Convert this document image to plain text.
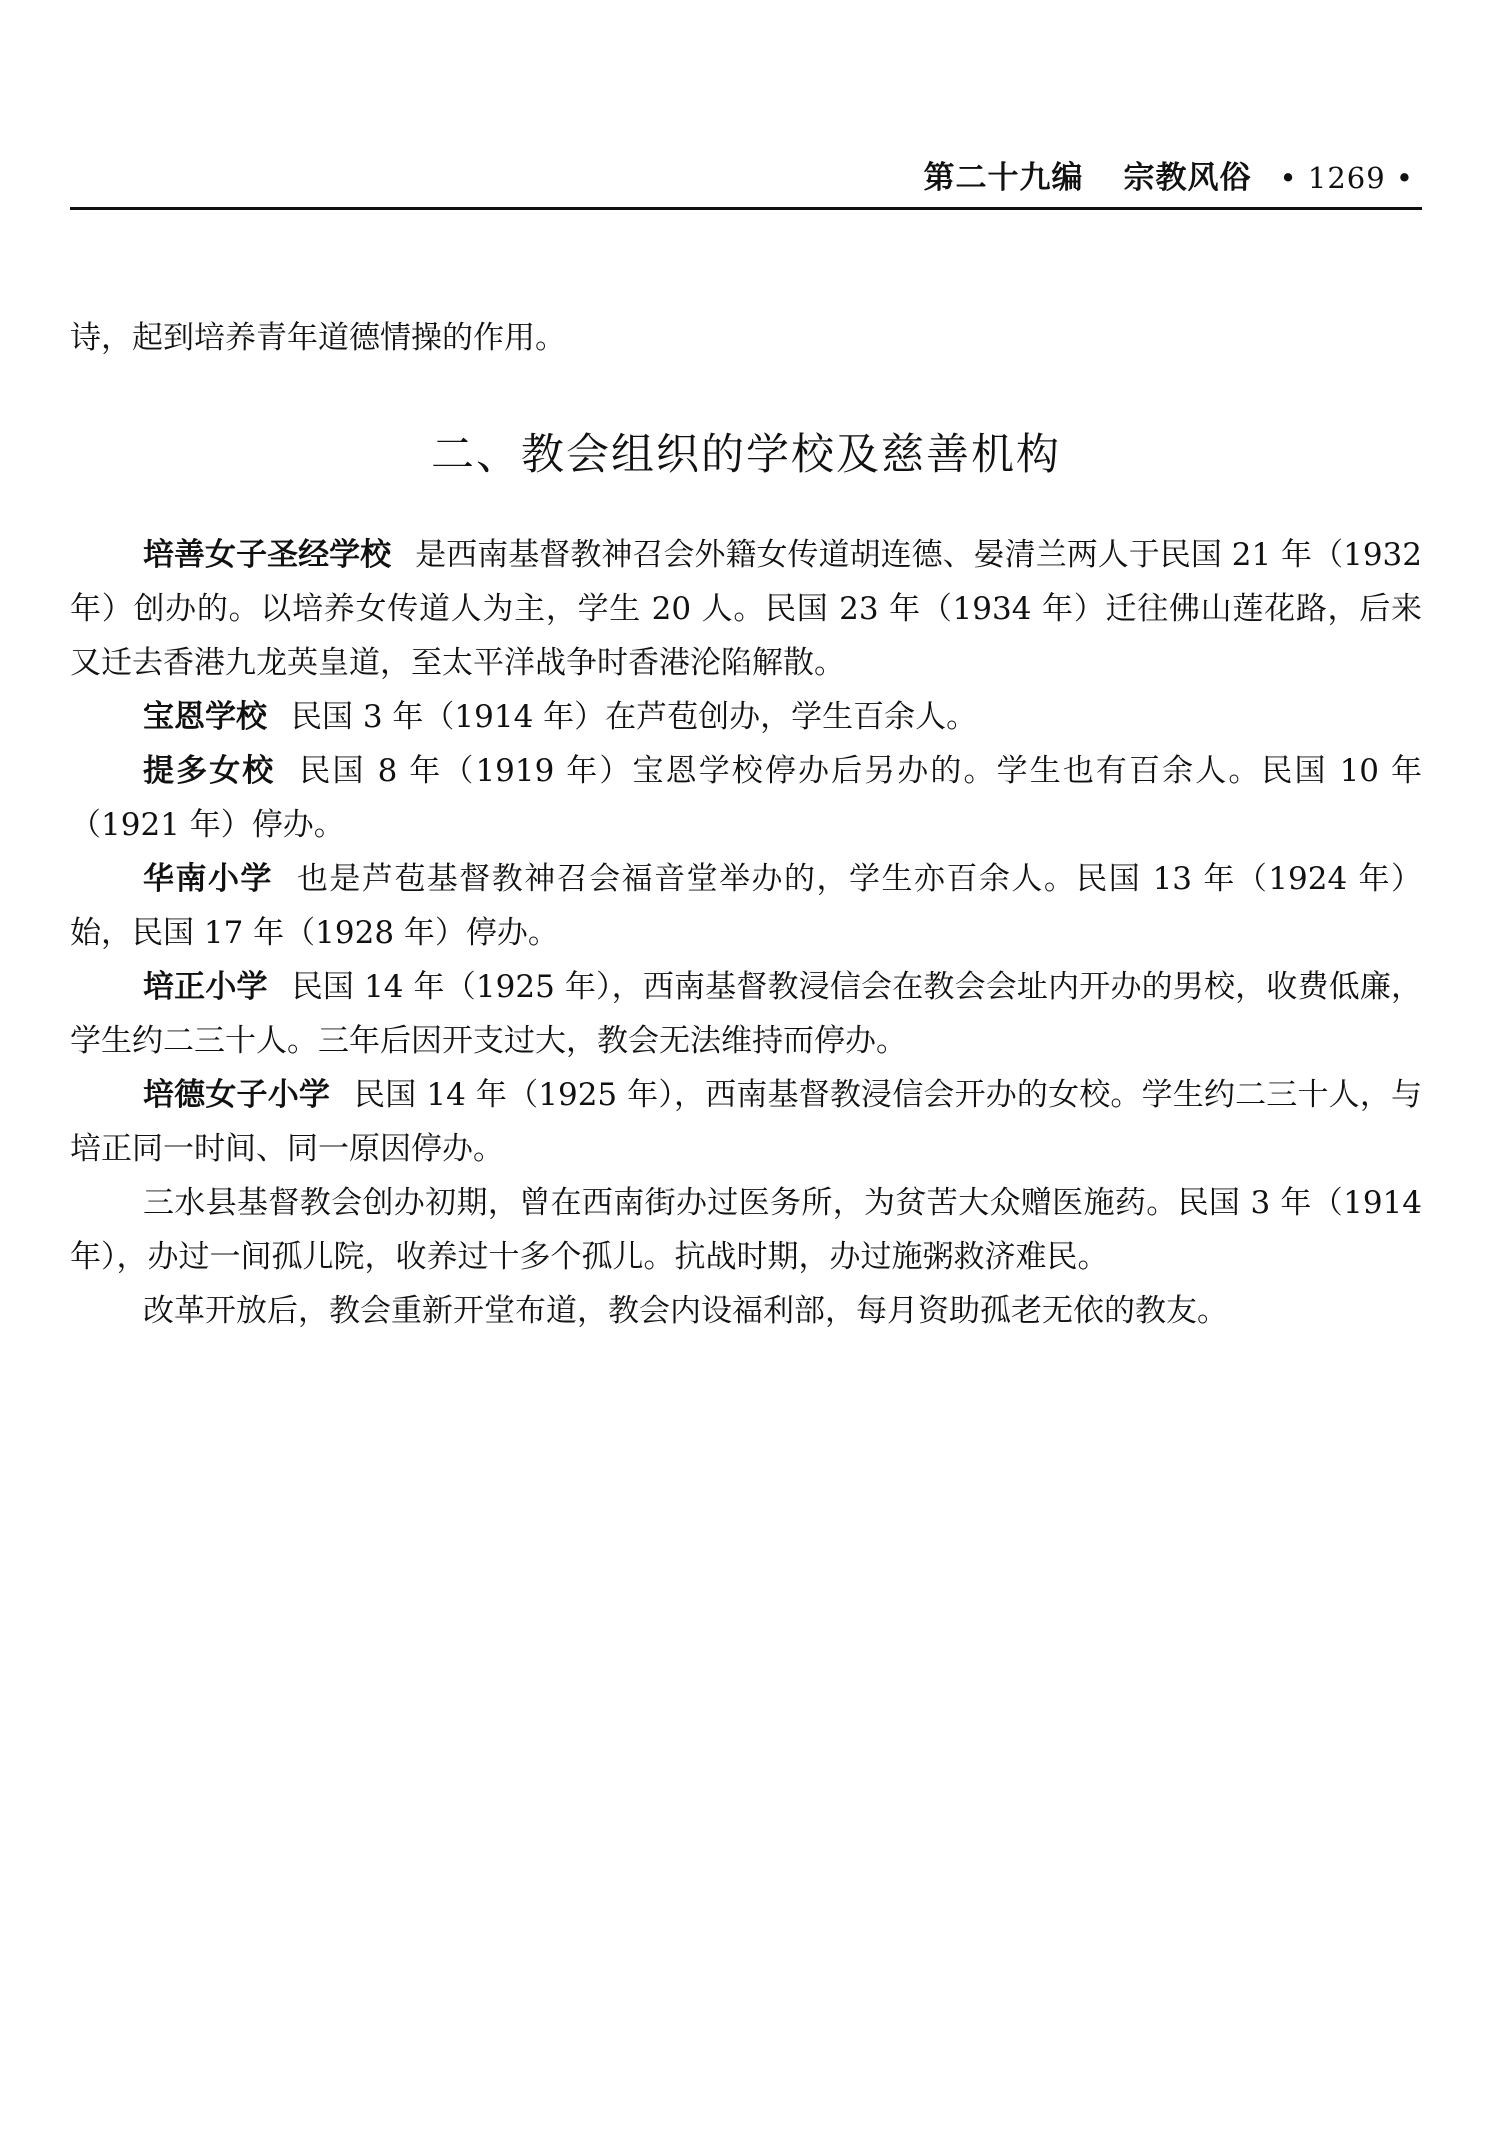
第二十九编 宗教风俗 • 1269 •

诗，起到培养青年道德情操的作用。

二、教会组织的学校及慈善机构

培善女子圣经学校 是西南基督教神召会外籍女传道胡连德、晏清兰两人于民国 21 年（1932 年）创办的。以培养女传道人为主，学生 20 人。民国 23 年（1934 年）迁往佛山莲花路，后来又迁去香港九龙英皇道，至太平洋战争时香港沦陷解散。

宝恩学校 民国 3 年（1914 年）在芦苞创办，学生百余人。

提多女校 民国 8 年（1919 年）宝恩学校停办后另办的。学生也有百余人。民国 10 年（1921 年）停办。

华南小学 也是芦苞基督教神召会福音堂举办的，学生亦百余人。民国 13 年（1924 年）始，民国 17 年（1928 年）停办。

培正小学 民国 14 年（1925 年），西南基督教浸信会在教会会址内开办的男校，收费低廉，学生约二三十人。三年后因开支过大，教会无法维持而停办。

培德女子小学 民国 14 年（1925 年），西南基督教浸信会开办的女校。学生约二三十人，与培正同一时间、同一原因停办。

三水县基督教会创办初期，曾在西南街办过医务所，为贫苦大众赠医施药。民国 3 年（1914 年），办过一间孤儿院，收养过十多个孤儿。抗战时期，办过施粥救济难民。

改革开放后，教会重新开堂布道，教会内设福利部，每月资助孤老无依的教友。
